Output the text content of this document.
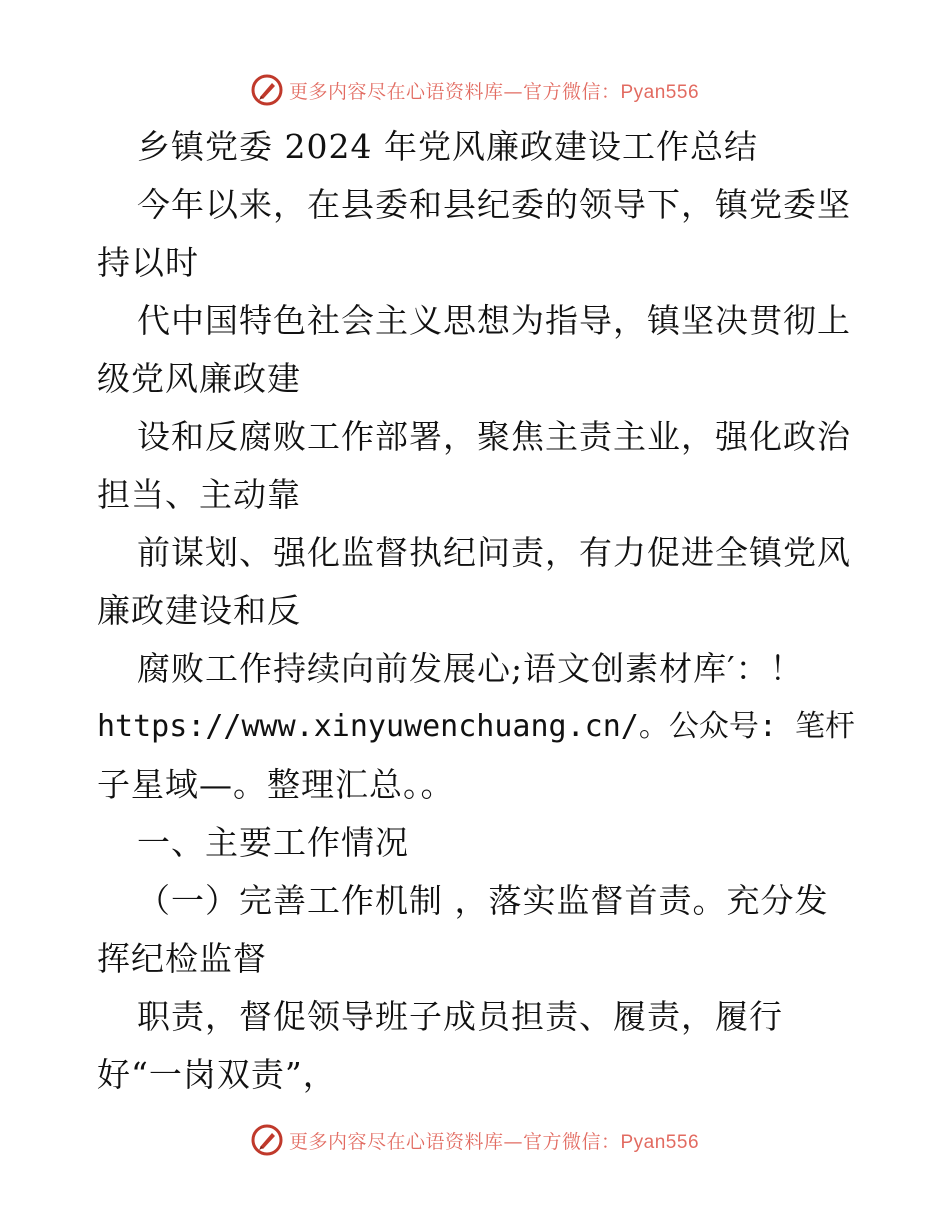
更多内容尽在心语资料库— 官方微信：Pyan556

乡镇党委 2024 年党风廉政建设工作总结

今年以来，在县委和县纪委的领导下，镇党委坚

持以时

代中国特色社会主义思想为指导，镇坚决贯彻上

级党风廉政建

设和反腐败工作部署，聚焦主责主业，强化政治

担当、主动靠

前谋划、强化监督执纪问责，有力促进全镇党风

廉政建设和反

腐败工作持续向前发展心;语文创素材库′：！

https://www.xinyuwenchuang.cn/。公众号: 笔杆

子星域—。整理汇总。。

一、主要工作情况

（一）完善工作机制 ，落实监督首责。充分发

挥纪检监督

职责，督促领导班子成员担责、履责，履行

好“一岗双责”，

更多内容尽在心语资料库— 官方微信：Pyan556
